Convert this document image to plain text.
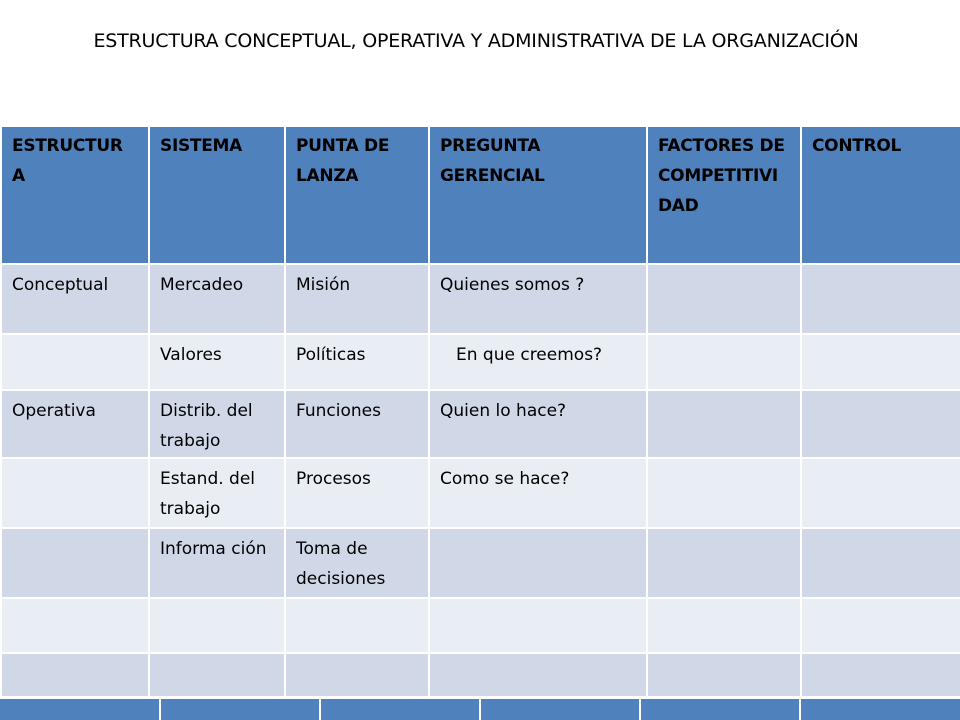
ESTRUCTURA CONCEPTUAL, OPERATIVA Y ADMINISTRATIVA DE LA ORGANIZACIÓN
ESTRUCTUR A	SISTEMA	PUNTA DE LANZA	PREGUNTA GERENCIAL	FACTORES DE COMPETITIVI DAD	CONTROL
Conceptual	Mercadeo	Misión	Quienes somos ?		
	Valores	Políticas	En que creemos?		
Operativa	Distrib. del trabajo	Funciones	Quien lo hace?		
	Estand. del trabajo	Procesos	Como se hace?		
	Informa ción	Toma de decisiones			
